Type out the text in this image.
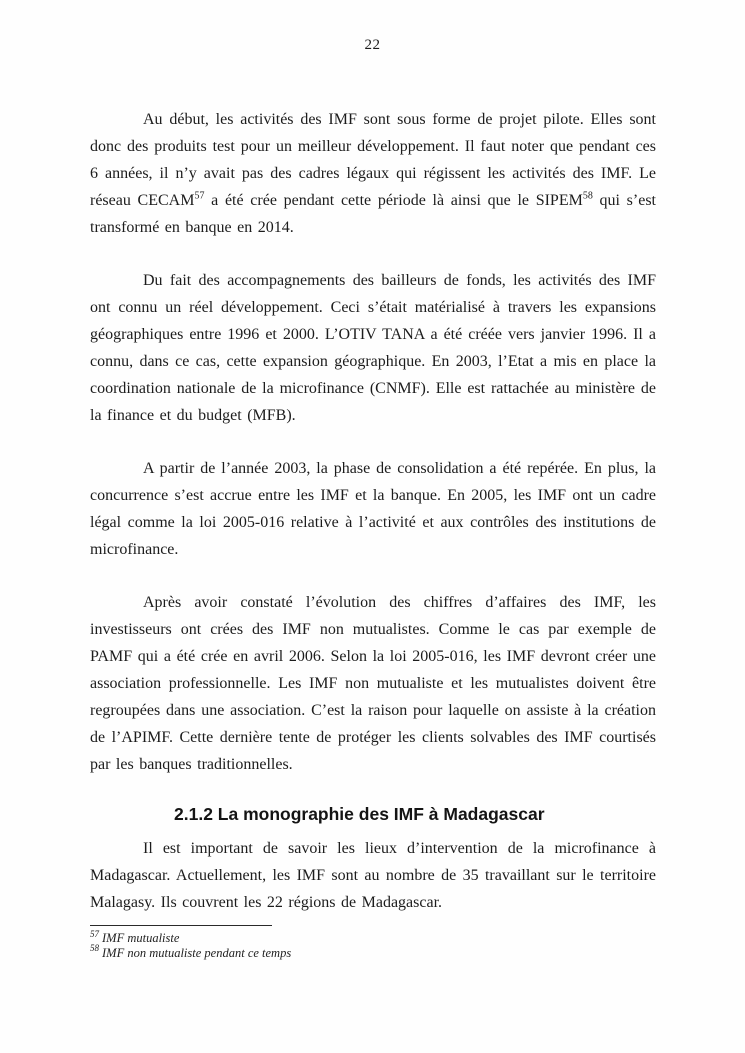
22

Au début, les activités des IMF sont sous forme de projet pilote. Elles sont donc des produits test pour un meilleur développement. Il faut noter que pendant ces 6 années, il n’y avait pas des cadres légaux qui régissent les activités des IMF. Le réseau CECAM$^{57}$ a été crée pendant cette période là ainsi que le SIPEM$^{58}$ qui s’est transformé en banque en 2014.

Du fait des accompagnements des bailleurs de fonds, les activités des IMF ont connu un réel développement. Ceci s’était matérialisé à travers les expansions géographiques entre 1996 et 2000. L’OTIV TANA a été créée vers janvier 1996. Il a connu, dans ce cas, cette expansion géographique. En 2003, l’Etat a mis en place la coordination nationale de la microfinance (CNMF). Elle est rattachée au ministère de la finance et du budget (MFB).

A partir de l’année 2003, la phase de consolidation a été repérée. En plus, la concurrence s’est accrue entre les IMF et la banque. En 2005, les IMF ont un cadre légal comme la loi 2005-016 relative à l’activité et aux contrôles des institutions de microfinance.

Après avoir constaté l’évolution des chiffres d’affaires des IMF, les investisseurs ont crées des IMF non mutualistes. Comme le cas par exemple de PAMF qui a été crée en avril 2006. Selon la loi 2005-016, les IMF devront créer une association professionnelle. Les IMF non mutualiste et les mutualistes doivent être regroupées dans une association. C’est la raison pour laquelle on assiste à la création de l’APIMF. Cette dernière tente de protéger les clients solvables des IMF courtisés par les banques traditionnelles.

2.1.2 La monographie des IMF à Madagascar

Il est important de savoir les lieux d’intervention de la microfinance à Madagascar. Actuellement, les IMF sont au nombre de 35 travaillant sur le territoire Malagasy. Ils couvrent les 22 régions de Madagascar.

$^{57}$ IMF mutualiste
$^{58}$ IMF non mutualiste pendant ce temps
